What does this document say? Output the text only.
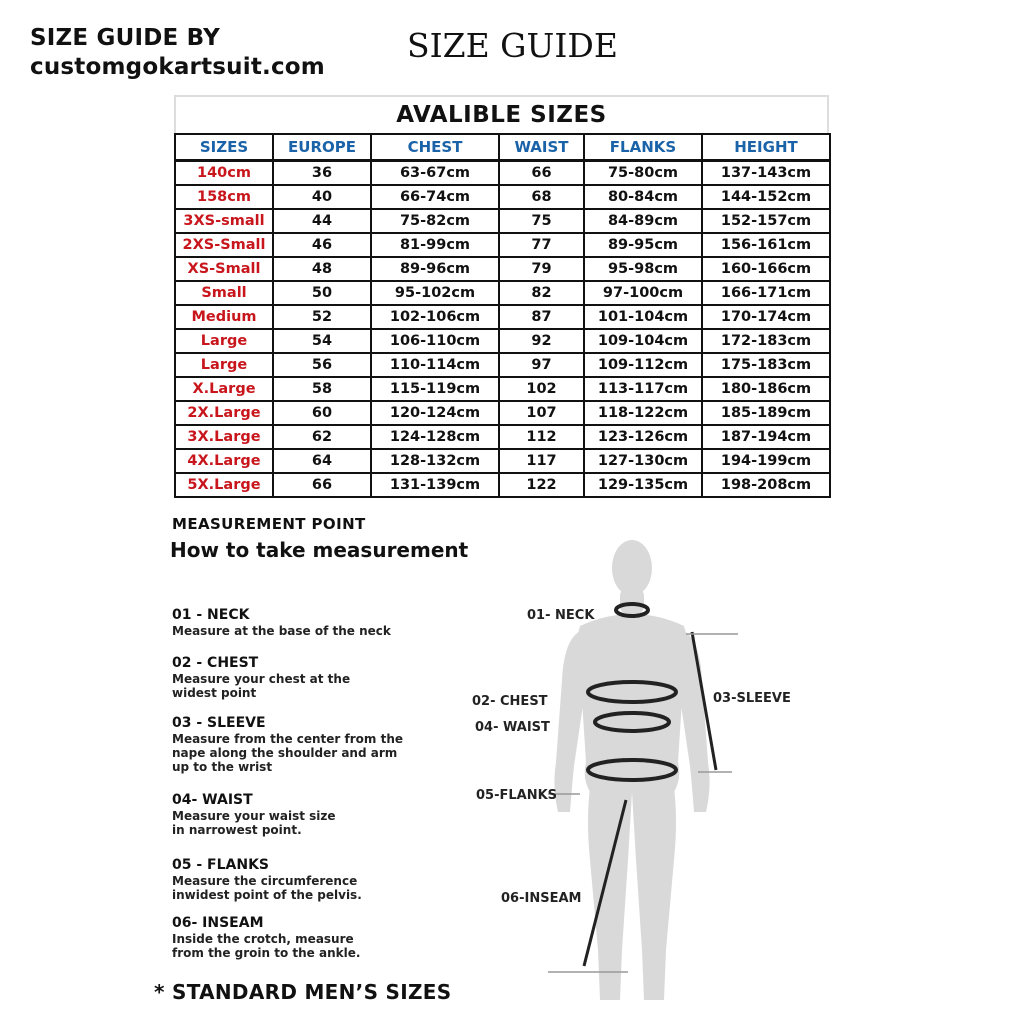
SIZE GUIDE BY
customgokartsuit.com
SIZE GUIDE
AVALIBLE SIZES
SIZES	EUROPE	CHEST	WAIST	FLANKS	HEIGHT
140cm	36	63-67cm	66	75-80cm	137-143cm
158cm	40	66-74cm	68	80-84cm	144-152cm
3XS-small	44	75-82cm	75	84-89cm	152-157cm
2XS-Small	46	81-99cm	77	89-95cm	156-161cm
XS-Small	48	89-96cm	79	95-98cm	160-166cm
Small	50	95-102cm	82	97-100cm	166-171cm
Medium	52	102-106cm	87	101-104cm	170-174cm
Large	54	106-110cm	92	109-104cm	172-183cm
Large	56	110-114cm	97	109-112cm	175-183cm
X.Large	58	115-119cm	102	113-117cm	180-186cm
2X.Large	60	120-124cm	107	118-122cm	185-189cm
3X.Large	62	124-128cm	112	123-126cm	187-194cm
4X.Large	64	128-132cm	117	127-130cm	194-199cm
5X.Large	66	131-139cm	122	129-135cm	198-208cm
MEASUREMENT POINT
How to take measurement
01 - NECK
Measure at the base of the neck
02 - CHEST
Measure your chest at the
widest point
03 - SLEEVE
Measure from the center from the
nape along the shoulder and arm
up to the wrist
04- WAIST
Measure your waist size
in narrowest point.
05 - FLANKS
Measure the circumference
inwidest point of the pelvis.
06- INSEAM
Inside the crotch, measure
from the groin to the ankle.
01- NECK
02- CHEST	03-SLEEVE
04- WAIST
05-FLANKS
06-INSEAM
* STANDARD MEN’S SIZES
